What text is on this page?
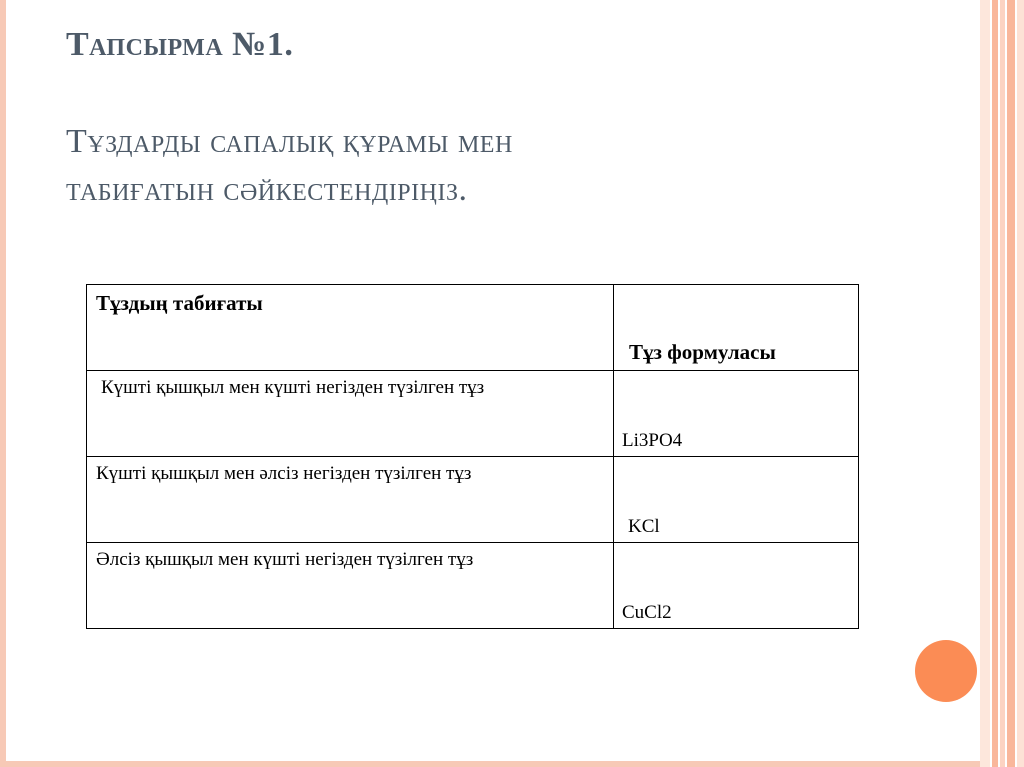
Тапсырма №1.
Тұздарды сапалық құрамы мен
табиғатын сәйкестендіріңіз.
Тұздың табиғаты	Тұз формуласы

Күшті қышқыл мен күшті негізден түзілген тұз	Li3PO4

Күшті қышқыл мен әлсіз негізден түзілген тұз	KCl

Әлсіз қышқыл мен күшті негізден түзілген тұз	CuCl2
